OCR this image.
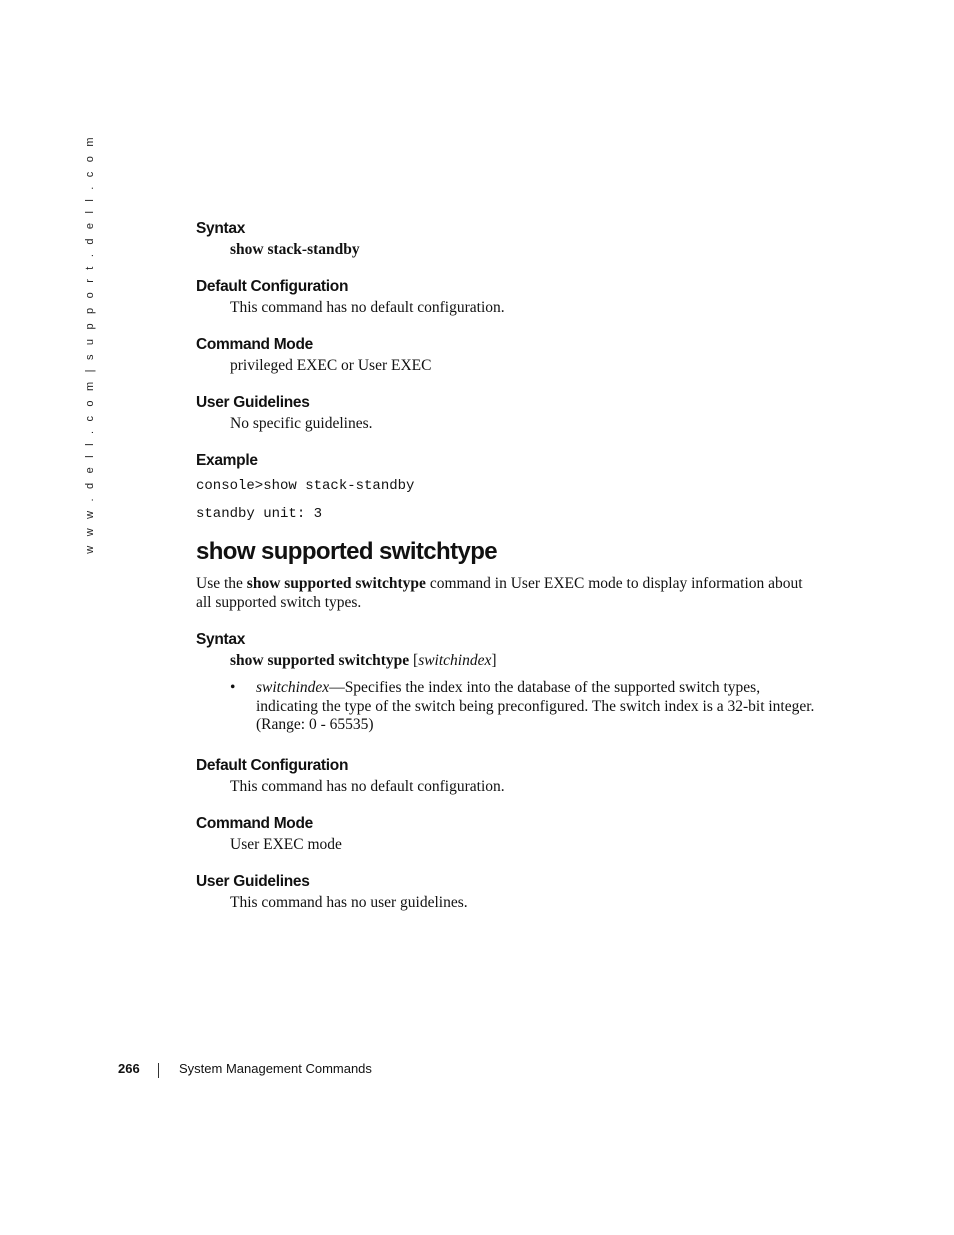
w w w . d e l l . c o m | s u p p o r t . d e l l . c o m	Syntax

show stack-standby

Default Configuration

This command has no default configuration.

Command Mode

privileged EXEC or User EXEC

User Guidelines

No specific guidelines.

Example
console>show stack-standby
standby unit: 3
show supported switchtype

Use the show supported switchtype command in User EXEC mode to display information about all supported switch types.

Syntax

show supported switchtype [switchindex]

• switchindex—Specifies the index into the database of the supported switch types, indicating the type of the switch being preconfigured. The switch index is a 32-bit integer. (Range: 0 - 65535)
Default Configuration

This command has no default configuration.

Command Mode

User EXEC mode

User Guidelines

This command has no user guidelines.

266	System Management Commands
